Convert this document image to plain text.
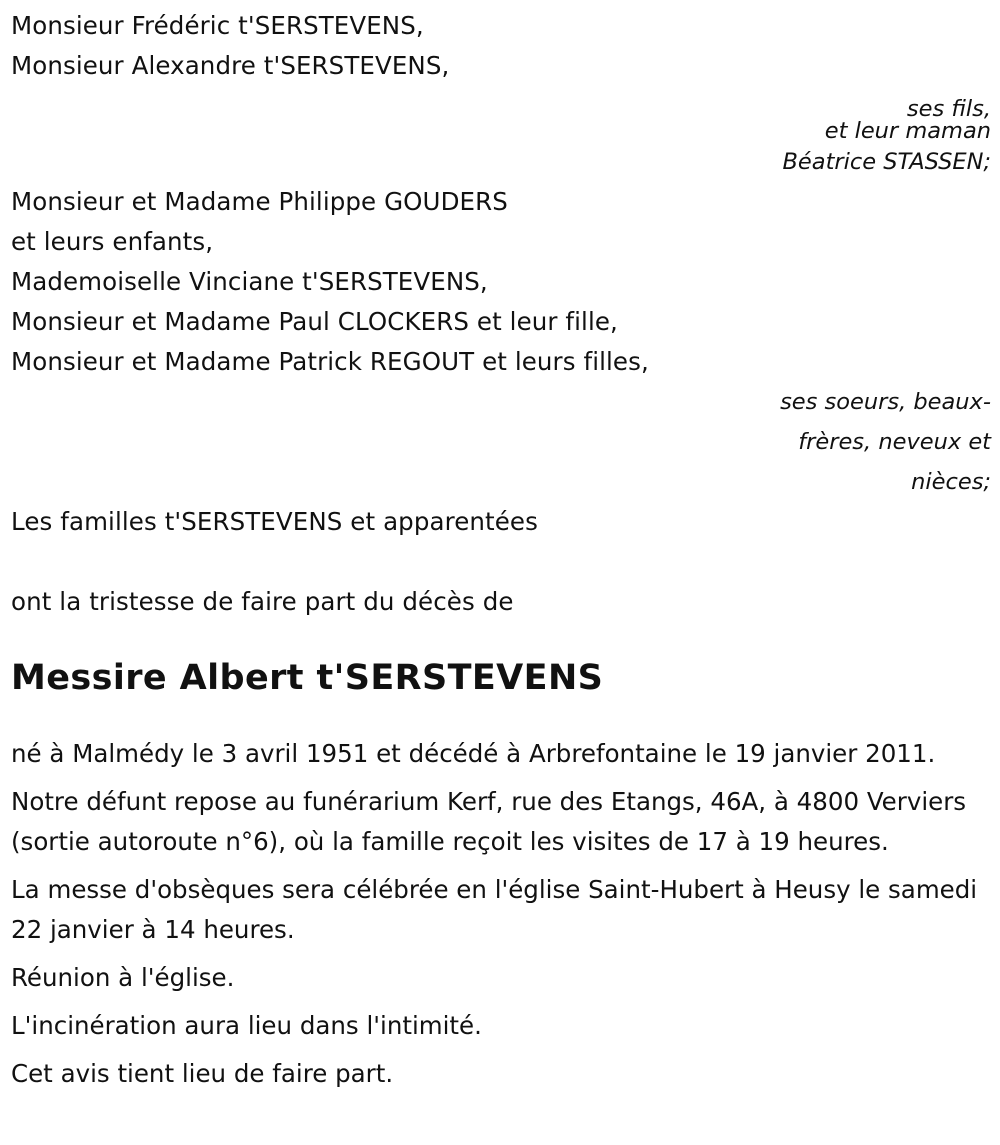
Monsieur Frédéric t'SERSTEVENS,
Monsieur Alexandre t'SERSTEVENS,
ses fils,
et leur maman
Béatrice STASSEN;
Monsieur et Madame Philippe GOUDERS
et leurs enfants,
Mademoiselle Vinciane t'SERSTEVENS,
Monsieur et Madame Paul CLOCKERS et leur fille,
Monsieur et Madame Patrick REGOUT et leurs filles,
ses soeurs, beaux-
frères, neveux et
nièces;
Les familles t'SERSTEVENS et apparentées
ont la tristesse de faire part du décès de
Messire Albert t'SERSTEVENS

né à Malmédy le 3 avril 1951 et décédé à Arbrefontaine le 19 janvier 2011.

Notre défunt repose au funérarium Kerf, rue des Etangs, 46A, à 4800 Verviers (sortie autoroute n°6), où la famille reçoit les visites de 17 à 19 heures.

La messe d'obsèques sera célébrée en l'église Saint-Hubert à Heusy le samedi 22 janvier à 14 heures.

Réunion à l'église.

L'incinération aura lieu dans l'intimité.

Cet avis tient lieu de faire part.
